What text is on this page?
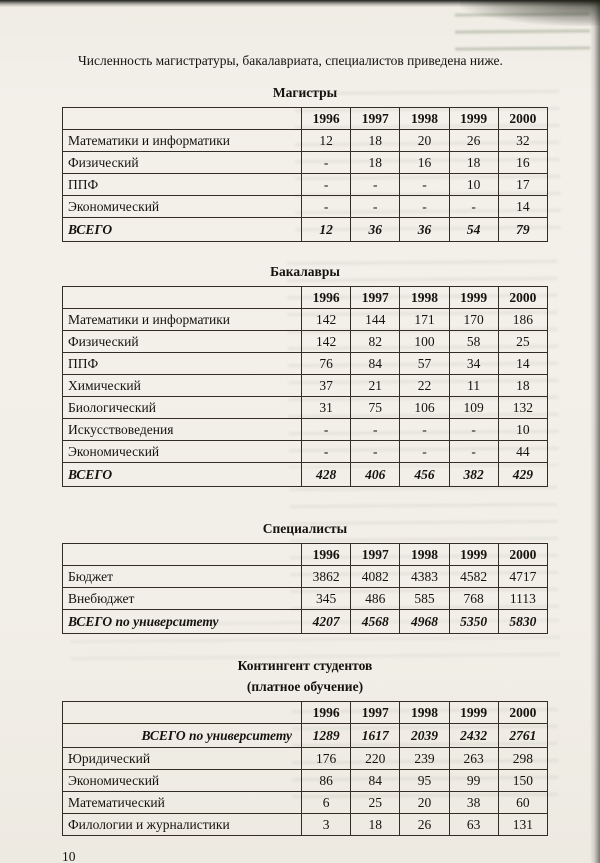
Численность магистратуры, бакалавриата, специалистов приведена ниже.

Магистры
	1996	1997	1998	1999	2000
Математики и информатики	12	18	20	26	32
Физический	-	18	16	18	16
ППФ	-	-	-	10	17
Экономический	-	-	-	-	14
ВСЕГО	12	36	36	54	79
Бакалавры
	1996	1997	1998	1999	2000
Математики и информатики	142	144	171	170	186
Физический	142	82	100	58	25
ППФ	76	84	57	34	14
Химический	37	21	22	11	18
Биологический	31	75	106	109	132
Искусствоведения	-	-	-	-	10
Экономический	-	-	-	-	44
ВСЕГО	428	406	456	382	429
Специалисты
	1996	1997	1998	1999	2000
Бюджет	3862	4082	4383	4582	4717
Внебюджет	345	486	585	768	1113
ВСЕГО по университету	4207	4568	4968	5350	5830
Контингент студентов
(платное обучение)
	1996	1997	1998	1999	2000
ВСЕГО по университету	1289	1617	2039	2432	2761
Юридический	176	220	239	263	298
Экономический	86	84	95	99	150
Математический	6	25	20	38	60
Филологии и журналистики	3	18	26	63	131
10
